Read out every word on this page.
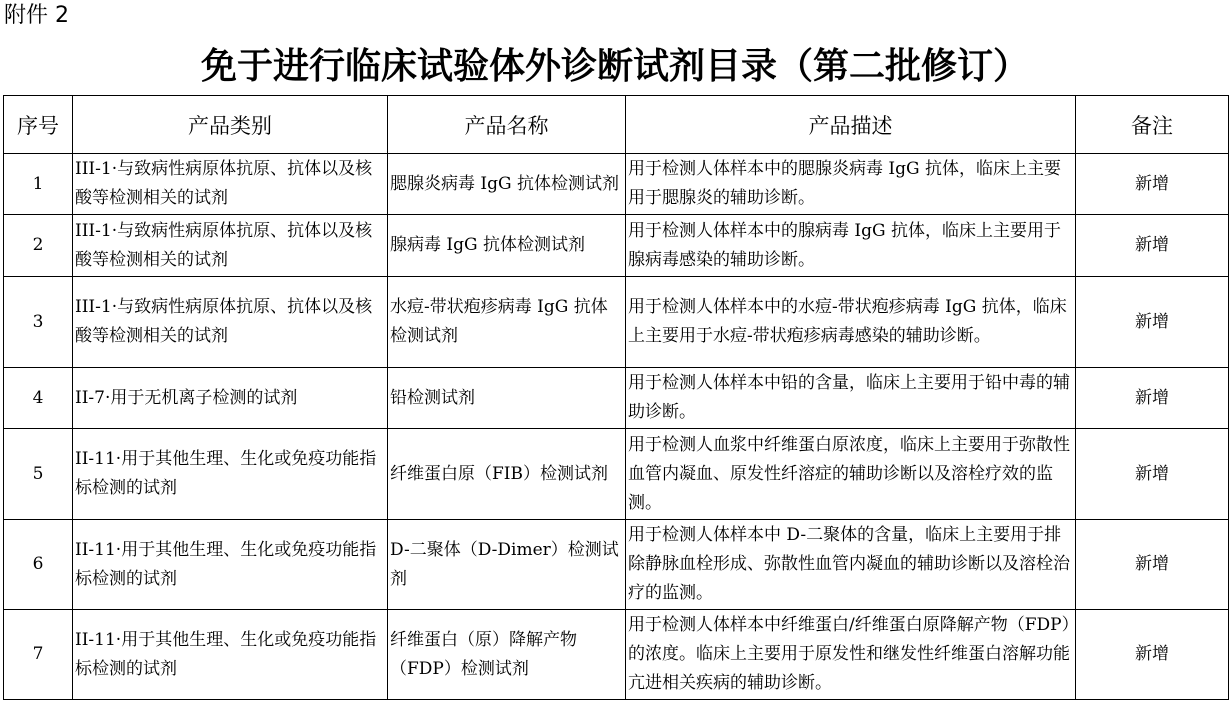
附件 2
免于进行临床试验体外诊断试剂目录（第二批修订）
序号	产品类别	产品名称	产品描述	备注
1	III-1·与致病性病原体抗原、抗体以及核酸等检测相关的试剂	腮腺炎病毒 IgG 抗体检测试剂	用于检测人体样本中的腮腺炎病毒 IgG 抗体，临床上主要用于腮腺炎的辅助诊断。	新增
2	III-1·与致病性病原体抗原、抗体以及核酸等检测相关的试剂	腺病毒 IgG 抗体检测试剂	用于检测人体样本中的腺病毒 IgG 抗体，临床上主要用于腺病毒感染的辅助诊断。	新增
3	III-1·与致病性病原体抗原、抗体以及核酸等检测相关的试剂	水痘-带状疱疹病毒 IgG 抗体检测试剂	用于检测人体样本中的水痘-带状疱疹病毒 IgG 抗体，临床上主要用于水痘-带状疱疹病毒感染的辅助诊断。	新增
4	II-7·用于无机离子检测的试剂	铅检测试剂	用于检测人体样本中铅的含量，临床上主要用于铅中毒的辅助诊断。	新增
5	II-11·用于其他生理、生化或免疫功能指标检测的试剂	纤维蛋白原（FIB）检测试剂	用于检测人血浆中纤维蛋白原浓度，临床上主要用于弥散性血管内凝血、原发性纤溶症的辅助诊断以及溶栓疗效的监测。	新增
6	II-11·用于其他生理、生化或免疫功能指标检测的试剂	D-二聚体（D-Dimer）检测试剂	用于检测人体样本中 D-二聚体的含量，临床上主要用于排除静脉血栓形成、弥散性血管内凝血的辅助诊断以及溶栓治疗的监测。	新增
7	II-11·用于其他生理、生化或免疫功能指标检测的试剂	纤维蛋白（原）降解产物（FDP）检测试剂	用于检测人体样本中纤维蛋白/纤维蛋白原降解产物（FDP）的浓度。临床上主要用于原发性和继发性纤维蛋白溶解功能亢进相关疾病的辅助诊断。	新增
